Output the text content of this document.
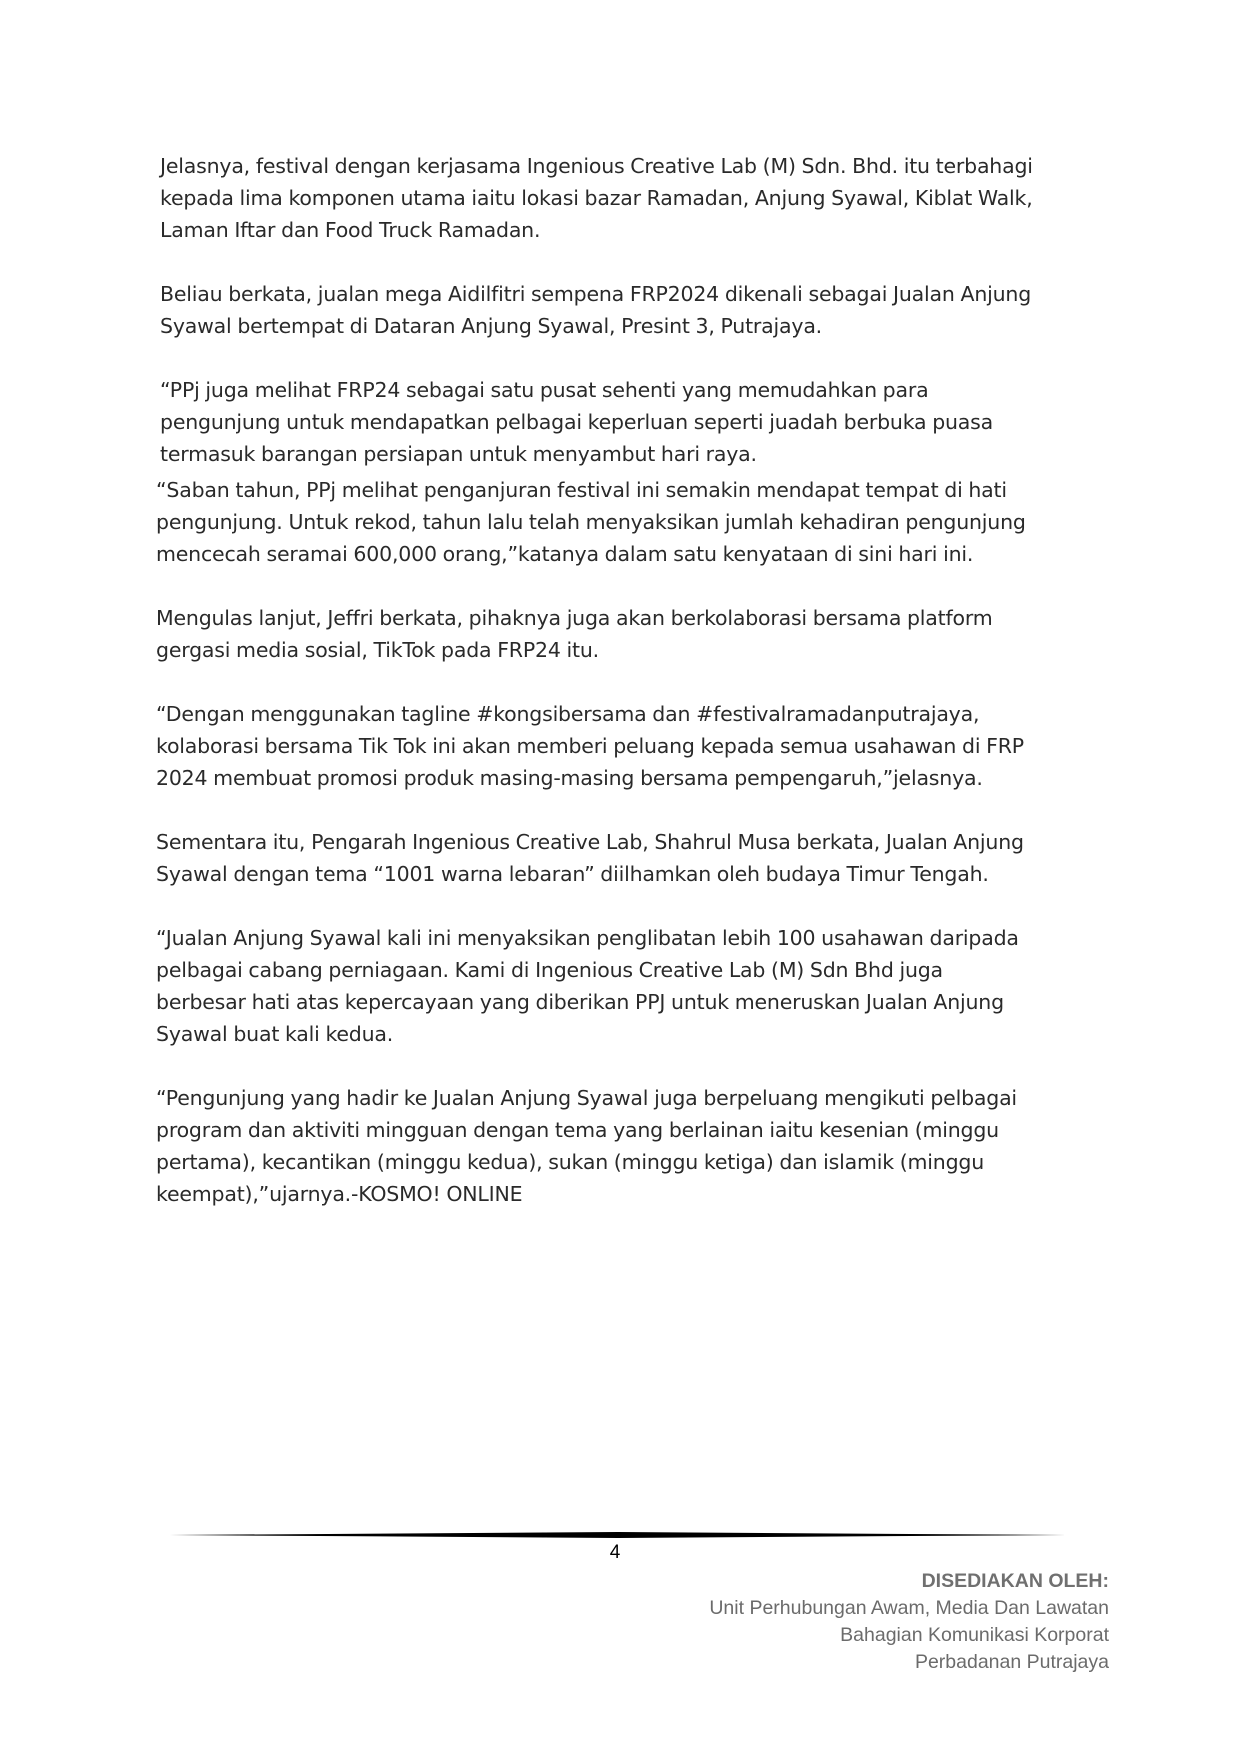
Jelasnya, festival dengan kerjasama Ingenious Creative Lab (M) Sdn. Bhd. itu terbahagi
kepada lima komponen utama iaitu lokasi bazar Ramadan, Anjung Syawal, Kiblat Walk,
Laman Iftar dan Food Truck Ramadan.

Beliau berkata, jualan mega Aidilfitri sempena FRP2024 dikenali sebagai Jualan Anjung
Syawal bertempat di Dataran Anjung Syawal, Presint 3, Putrajaya.

“PPj juga melihat FRP24 sebagai satu pusat sehenti yang memudahkan para
pengunjung untuk mendapatkan pelbagai keperluan seperti juadah berbuka puasa
termasuk barangan persiapan untuk menyambut hari raya.

“Saban tahun, PPj melihat penganjuran festival ini semakin mendapat tempat di hati
pengunjung. Untuk rekod, tahun lalu telah menyaksikan jumlah kehadiran pengunjung
mencecah seramai 600,000 orang,”katanya dalam satu kenyataan di sini hari ini.

Mengulas lanjut, Jeffri berkata, pihaknya juga akan berkolaborasi bersama platform
gergasi media sosial, TikTok pada FRP24 itu.

“Dengan menggunakan tagline #kongsibersama dan #festivalramadanputrajaya,
kolaborasi bersama Tik Tok ini akan memberi peluang kepada semua usahawan di FRP
2024 membuat promosi produk masing-masing bersama pempengaruh,”jelasnya.

Sementara itu, Pengarah Ingenious Creative Lab, Shahrul Musa berkata, Jualan Anjung
Syawal dengan tema “1001 warna lebaran” diilhamkan oleh budaya Timur Tengah.

“Jualan Anjung Syawal kali ini menyaksikan penglibatan lebih 100 usahawan daripada
pelbagai cabang perniagaan. Kami di Ingenious Creative Lab (M) Sdn Bhd juga
berbesar hati atas kepercayaan yang diberikan PPJ untuk meneruskan Jualan Anjung
Syawal buat kali kedua.

“Pengunjung yang hadir ke Jualan Anjung Syawal juga berpeluang mengikuti pelbagai
program dan aktiviti mingguan dengan tema yang berlainan iaitu kesenian (minggu
pertama), kecantikan (minggu kedua), sukan (minggu ketiga) dan islamik (minggu
keempat),”ujarnya.-KOSMO! ONLINE

4
DISEDIAKAN OLEH:
Unit Perhubungan Awam, Media Dan Lawatan
Bahagian Komunikasi Korporat
Perbadanan Putrajaya
